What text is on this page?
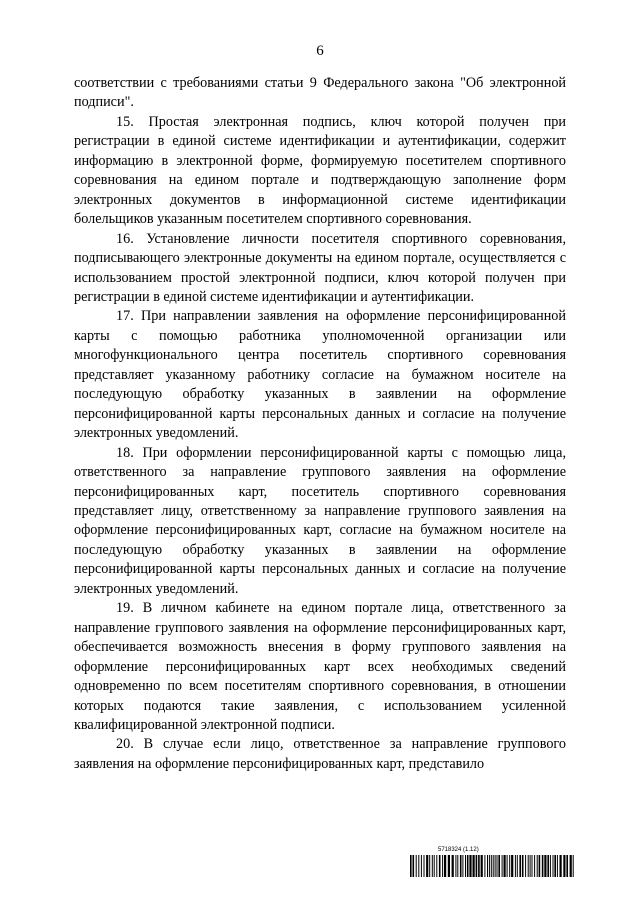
6

соответствии с требованиями статьи 9 Федерального закона "Об электронной подписи".

15. Простая электронная подпись, ключ которой получен при регистрации в единой системе идентификации и аутентификации, содержит информацию в электронной форме, формируемую посетителем спортивного соревнования на едином портале и подтверждающую заполнение форм электронных документов в информационной системе идентификации болельщиков указанным посетителем спортивного соревнования.

16. Установление личности посетителя спортивного соревнования, подписывающего электронные документы на едином портале, осуществляется с использованием простой электронной подписи, ключ которой получен при регистрации в единой системе идентификации и аутентификации.

17. При направлении заявления на оформление персонифицированной карты с помощью работника уполномоченной организации или многофункционального центра посетитель спортивного соревнования представляет указанному работнику согласие на бумажном носителе на последующую обработку указанных в заявлении на оформление персонифицированной карты персональных данных и согласие на получение электронных уведомлений.

18. При оформлении персонифицированной карты с помощью лица, ответственного за направление группового заявления на оформление персонифицированных карт, посетитель спортивного соревнования представляет лицу, ответственному за направление группового заявления на оформление персонифицированных карт, согласие на бумажном носителе на последующую обработку указанных в заявлении на оформление персонифицированной карты персональных данных и согласие на получение электронных уведомлений.

19. В личном кабинете на едином портале лица, ответственного за направление группового заявления на оформление персонифицированных карт, обеспечивается возможность внесения в форму группового заявления на оформление персонифицированных карт всех необходимых сведений одновременно по всем посетителям спортивного соревнования, в отношении которых подаются такие заявления, с использованием усиленной квалифицированной электронной подписи.

20. В случае если лицо, ответственное за направление группового заявления на оформление персонифицированных карт, представило

5718324 (1.12)
